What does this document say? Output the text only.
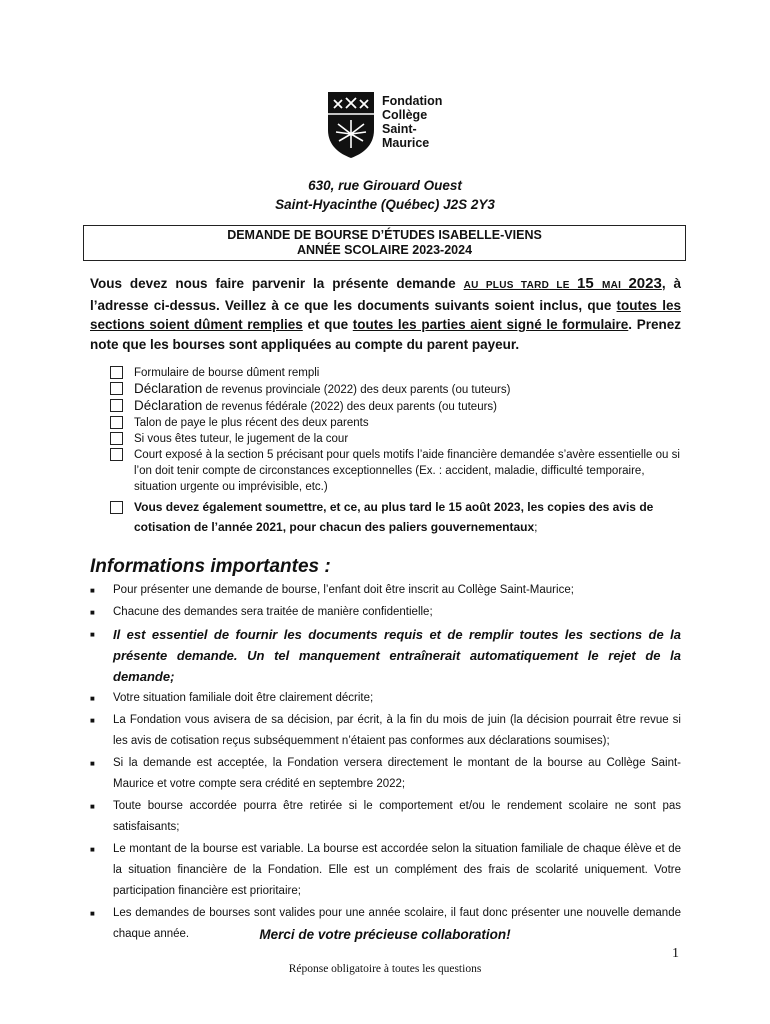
Fondation
Collège
Saint-
Maurice
630, rue Girouard Ouest
Saint-Hyacinthe (Québec) J2S 2Y3
DEMANDE DE BOURSE D’ÉTUDES ISABELLE-VIENS
ANNÉE SCOLAIRE 2023-2024
Vous devez nous faire parvenir la présente demande AU PLUS TARD LE 15 MAI 2023, à l’adresse ci-dessus. Veillez à ce que les documents suivants soient inclus, que toutes les sections soient dûment remplies et que toutes les parties aient signé le formulaire. Prenez note que les bourses sont appliquées au compte du parent payeur.
Formulaire de bourse dûment rempli
Déclaration de revenus provinciale (2022) des deux parents (ou tuteurs)
Déclaration de revenus fédérale (2022) des deux parents (ou tuteurs)
Talon de paye le plus récent des deux parents
Si vous êtes tuteur, le jugement de la cour
Court exposé à la section 5 précisant pour quels motifs l’aide financière demandée s’avère essentielle ou si l’on doit tenir compte de circonstances exceptionnelles (Ex. : accident, maladie, difficulté temporaire, situation urgente ou imprévisible, etc.)
Vous devez également soumettre, et ce, au plus tard le 15 août 2023, les copies des avis de cotisation de l’année 2021, pour chacun des paliers gouvernementaux;
Informations importantes :
■	Pour présenter une demande de bourse, l’enfant doit être inscrit au Collège Saint-Maurice;
■	Chacune des demandes sera traitée de manière confidentielle;
■	Il est essentiel de fournir les documents requis et de remplir toutes les sections de la présente demande. Un tel manquement entraînerait automatiquement le rejet de la demande;
■	Votre situation familiale doit être clairement décrite;
■	La Fondation vous avisera de sa décision, par écrit, à la fin du mois de juin (la décision pourrait être revue si les avis de cotisation reçus subséquemment n’étaient pas conformes aux déclarations soumises);
■	Si la demande est acceptée, la Fondation versera directement le montant de la bourse au Collège Saint-Maurice et votre compte sera crédité en septembre 2022;
■	Toute bourse accordée pourra être retirée si le comportement et/ou le rendement scolaire ne sont pas satisfaisants;
■	Le montant de la bourse est variable. La bourse est accordée selon la situation familiale de chaque élève et de la situation financière de la Fondation. Elle est un complément des frais de scolarité uniquement. Votre participation financière est prioritaire;
■	Les demandes de bourses sont valides pour une année scolaire, il faut donc présenter une nouvelle demande chaque année.	Merci de votre précieuse collaboration!
1
Réponse obligatoire à toutes les questions
